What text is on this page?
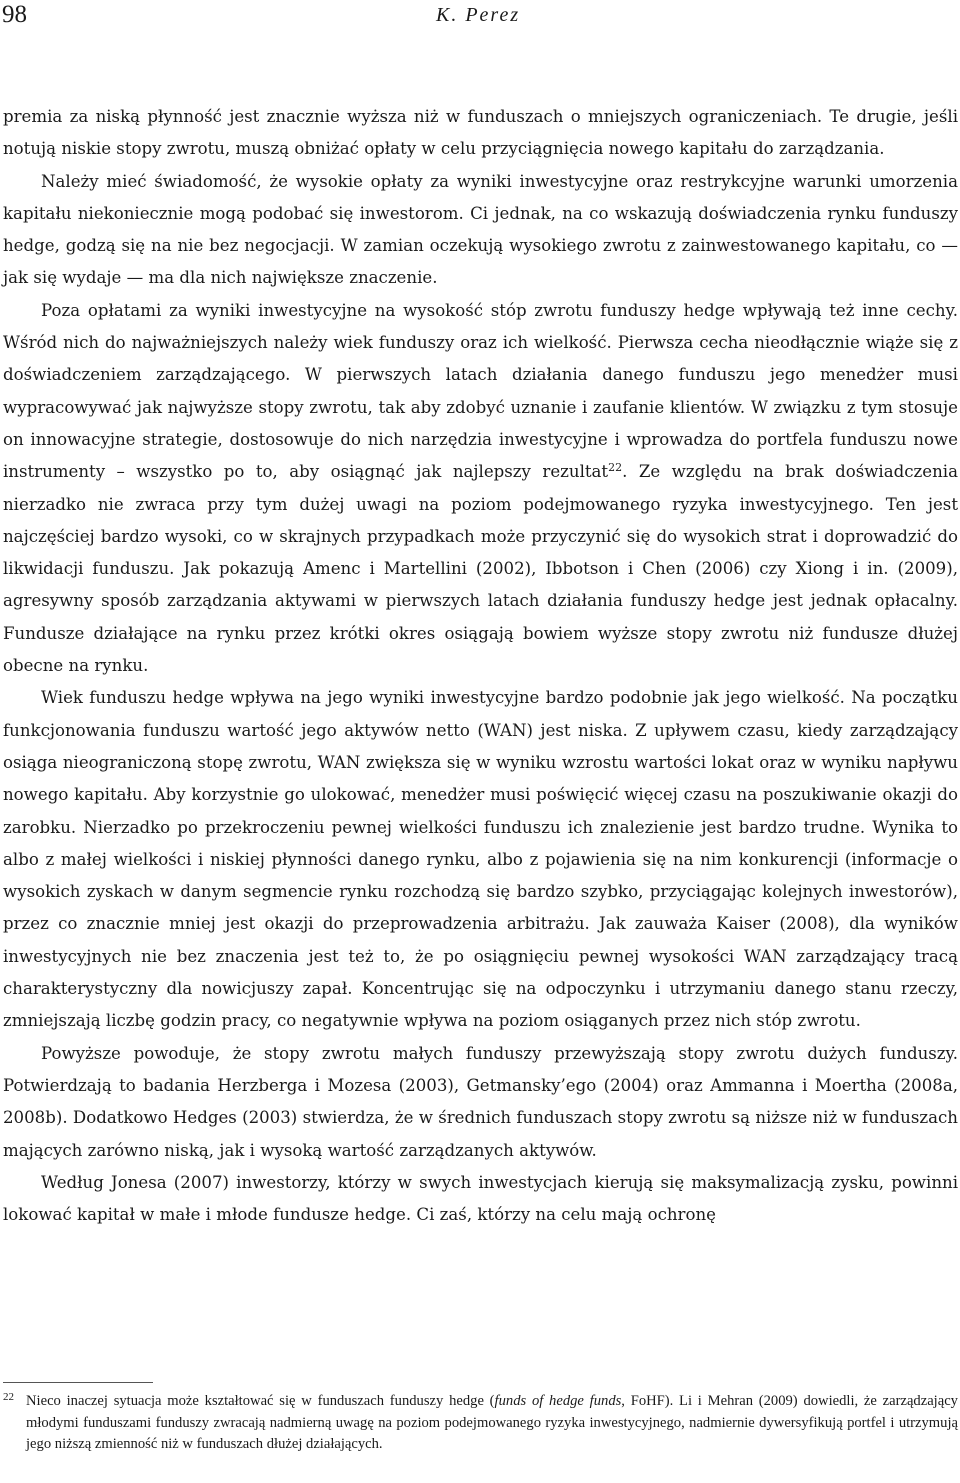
98	K. Perez

premia za niską płynność jest znacznie wyższa niż w funduszach o mniejszych ograniczeniach. Te drugie, jeśli notują niskie stopy zwrotu, muszą obniżać opłaty w celu przyciągnięcia nowego kapitału do zarządzania.

Należy mieć świadomość, że wysokie opłaty za wyniki inwestycyjne oraz restrykcyjne warunki umorzenia kapitału niekoniecznie mogą podobać się inwestorom. Ci jednak, na co wskazują doświadczenia rynku funduszy hedge, godzą się na nie bez negocjacji. W zamian oczekują wysokiego zwrotu z zainwestowanego kapitału, co — jak się wydaje — ma dla nich największe znaczenie.

Poza opłatami za wyniki inwestycyjne na wysokość stóp zwrotu funduszy hedge wpływają też inne cechy. Wśród nich do najważniejszych należy wiek funduszy oraz ich wielkość. Pierwsza cecha nieodłącznie wiąże się z doświadczeniem zarządzającego. W pierwszych latach działania danego funduszu jego menedżer musi wypracowywać jak najwyższe stopy zwrotu, tak aby zdobyć uznanie i zaufanie klientów. W związku z tym stosuje on innowacyjne strategie, dostosowuje do nich narzędzia inwestycyjne i wprowadza do portfela funduszu nowe instrumenty – wszystko po to, aby osiągnąć jak najlepszy rezultat$^{22}$. Ze względu na brak doświadczenia nierzadko nie zwraca przy tym dużej uwagi na poziom podejmowanego ryzyka inwestycyjnego. Ten jest najczęściej bardzo wysoki, co w skrajnych przypadkach może przyczynić się do wysokich strat i doprowadzić do likwidacji funduszu. Jak pokazują Amenc i Martellini (2002), Ibbotson i Chen (2006) czy Xiong i in. (2009), agresywny sposób zarządzania aktywami w pierwszych latach działania funduszy hedge jest jednak opłacalny. Fundusze działające na rynku przez krótki okres osiągają bowiem wyższe stopy zwrotu niż fundusze dłużej obecne na rynku.

Wiek funduszu hedge wpływa na jego wyniki inwestycyjne bardzo podobnie jak jego wielkość. Na początku funkcjonowania funduszu wartość jego aktywów netto (WAN) jest niska. Z upływem czasu, kiedy zarządzający osiąga nieograniczoną stopę zwrotu, WAN zwiększa się w wyniku wzrostu wartości lokat oraz w wyniku napływu nowego kapitału. Aby korzystnie go ulokować, menedżer musi poświęcić więcej czasu na poszukiwanie okazji do zarobku. Nierzadko po przekroczeniu pewnej wielkości funduszu ich znalezienie jest bardzo trudne. Wynika to albo z małej wielkości i niskiej płynności danego rynku, albo z pojawienia się na nim konkurencji (informacje o wysokich zyskach w danym segmencie rynku rozchodzą się bardzo szybko, przyciągając kolejnych inwestorów), przez co znacznie mniej jest okazji do przeprowadzenia arbitrażu. Jak zauważa Kaiser (2008), dla wyników inwestycyjnych nie bez znaczenia jest też to, że po osiągnięciu pewnej wysokości WAN zarządzający tracą charakterystyczny dla nowicjuszy zapał. Koncentrując się na odpoczynku i utrzymaniu danego stanu rzeczy, zmniejszają liczbę godzin pracy, co negatywnie wpływa na poziom osiąganych przez nich stóp zwrotu.

Powyższe powoduje, że stopy zwrotu małych funduszy przewyższają stopy zwrotu dużych funduszy. Potwierdzają to badania Herzberga i Mozesa (2003), Getmansky’ego (2004) oraz Ammanna i Moertha (2008a, 2008b). Dodatkowo Hedges (2003) stwierdza, że w średnich funduszach stopy zwrotu są niższe niż w funduszach mających zarówno niską, jak i wysoką wartość zarządzanych aktywów.

Według Jonesa (2007) inwestorzy, którzy w swych inwestycjach kierują się maksymalizacją zysku, powinni lokować kapitał w małe i młode fundusze hedge. Ci zaś, którzy na celu mają ochronę

22 Nieco inaczej sytuacja może kształtować się w funduszach funduszy hedge (funds of hedge funds, FoHF). Li i Mehran (2009) dowiedli, że zarządzający młodymi funduszami funduszy zwracają nadmierną uwagę na poziom podejmowanego ryzyka inwestycyjnego, nadmiernie dywersyfikują portfel i utrzymują jego niższą zmienność niż w funduszach dłużej działających.
